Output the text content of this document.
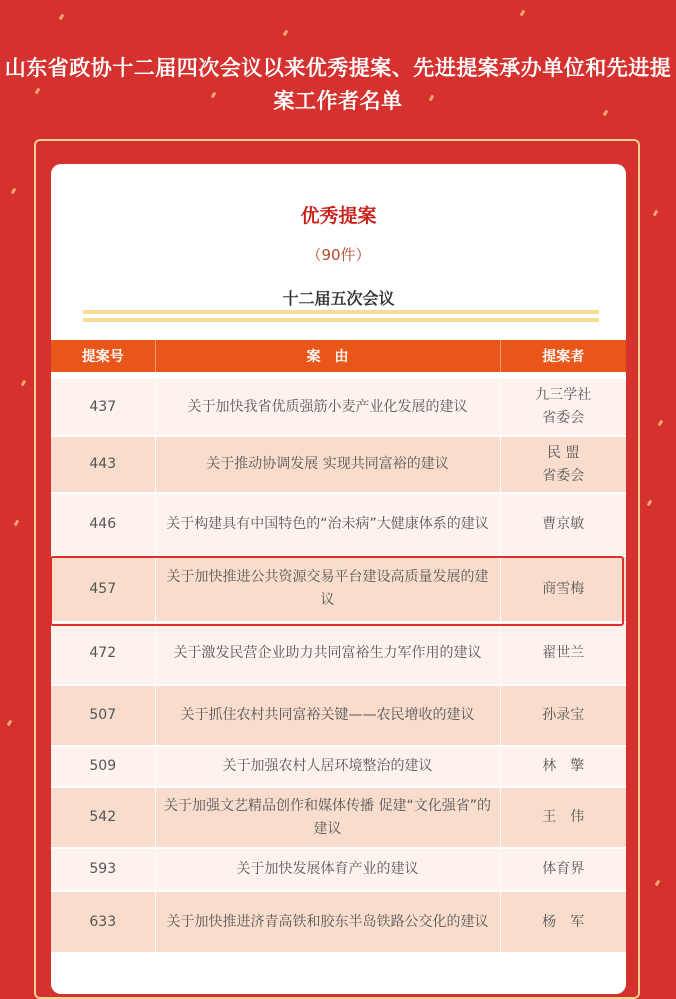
山东省政协十二届四次会议以来优秀提案、先进提案承办单位和先进提
案工作者名单
优秀提案
（90件）
十二届五次会议
提案号	案　由	提案者

437	关于加快我省优质强筋小麦产业化发展的建议	九三学社
省委会
443	关于推动协调发展 实现共同富裕的建议	民 盟
省委会
446	关于构建具有中国特色的“治未病”大健康体系的建议	曹京敏
457	关于加快推进公共资源交易平台建设高质量发展的建议	商雪梅
472	关于激发民营企业助力共同富裕生力军作用的建议	翟世兰
507	关于抓住农村共同富裕关键——农民增收的建议	孙录宝
509	关于加强农村人居环境整治的建议	林　擎
542	关于加强文艺精品创作和媒体传播 促建“文化强省”的建议	王　伟
593	关于加快发展体育产业的建议	体育界
633	关于加快推进济青高铁和胶东半岛铁路公交化的建议	杨　军
